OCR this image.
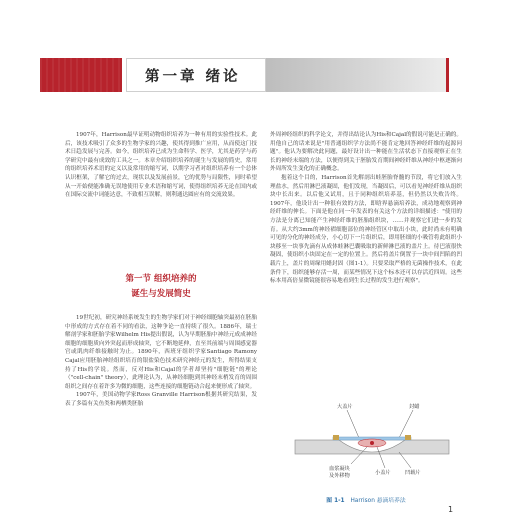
第一章 绪论

1907年，Harrison最早证明动物组织培养为一种有用的实验性技术。此后，该技术吸引了众多的生物学家的兴趣，使其得到推广应用，从而使这门技术日趋发展与完善。如今，组织培养已成为生命科学、医学，尤其是药学与药学研究中最有成效的工具之一。本章介绍组织培养的诞生与发展的简史，常用的组织培养术语的定义以及常用的缩写词，以期学习者对组织培养有一个总体认识框架，了解它的过去，现状以及发展前景，它的优势与局限性，同时希望从一开始便能准确无误地使用专业术语和缩写词，使得组织培养无论在国内或在国际交流中词能达意，不致相互误解，则利通达圆应有的交流效果。

第一节 组织培养的
诞生与发展简史

19世纪初，研究神经系统发生的生物学家们对于神经细胞轴突最初在胚胎中形成的方式存在着不同的看法，这种争论一直持续了很久。1886年，瑞士解剖学家和胚胎学家Wilhelm His提出假说，认为早期胚胎中神经元成成神经细胞的细胞质向外突起而形成轴突，它不断地延伸，直至其前端与周围感觉器官或肌肉纤维接触时为止。1890年，西班牙组织学家Santiago Ramony Cajal应用胚胎神经组织培育的银盐染色技术研究神经元的发生，所得结果支持了His的学说。然而，反对His和Cajal的学者却坚持"细胞链"的理论（"cell-chain" theory），此理论认为，从神经细胞到其神经末梢发育的周围组织之间存在着许多为微的细胞，这些连接的细胞链动合起来便形成了轴突。

1907年，美国动物学家Ross Granville Harrison根据其研究结果，发表了多篇有关鱼类和两栖类胚胎

外周神经组织的科学论文，并得出结论认为His和Cajal的假说可能是正确的。用他自己的话来说是"用普通组织学方法尚不能肯定地回答神经纤维的起源问题"。他认为要解决此问题，最好设计出一种能在生活状态下直接观察正在生长的神经末端的方法，以便得到关于胚胎发育期间神经纤维从神经中枢逐渐向外周所发生变化的正确概念。

抱着这个目的，Harrison首先解剖出蛙胚胎脊髓的节段，将它们放入生理盐水，然后用淋巴液凝固，他们发现，当凝固后，可以看见神经纤维从组织块中长出来。以后他又试用，且于同种组织培养基，但仍然以失败告终。1907年，他设计出一种很有效的方法，即晗界悬滴培养法，成功地观察到神经纤维的伸长。下面是他在同一年发表的有关这个方法的详细描述："使用的方法是分离已知能产生神经纤维的胚胎组织块，……并观察它们进一步的发育。从大约3mm的神经褶细胞部位的神经管区中取出小块，此时尚未有明确可见的分化的神经成分，小心切下一片组织后，即用胚细的小吸管将此组织小块移至一块事先滴有从成体蛙淋巴囊吸取的新鲜淋巴液的盖片上。待巴液很快凝固，使组织小块固定在一定的位置上。然后将盖片倒置于一块中间凹陷的凹载片上，盖片的周缘用蜡封固（图1-1）。只要采取严格的无菌操作技术，在此条件下，组织能够存活一周，而某些情况下这个标本还可以存活近四周。这些标本用高倍显微镜能很容易地看到生长过程的发生进行观察"。

大盖片	封蜡
血浆凝块
及外移物	小盖片	凹载片
图 1-1 Harrison 悬滴培养法
1
